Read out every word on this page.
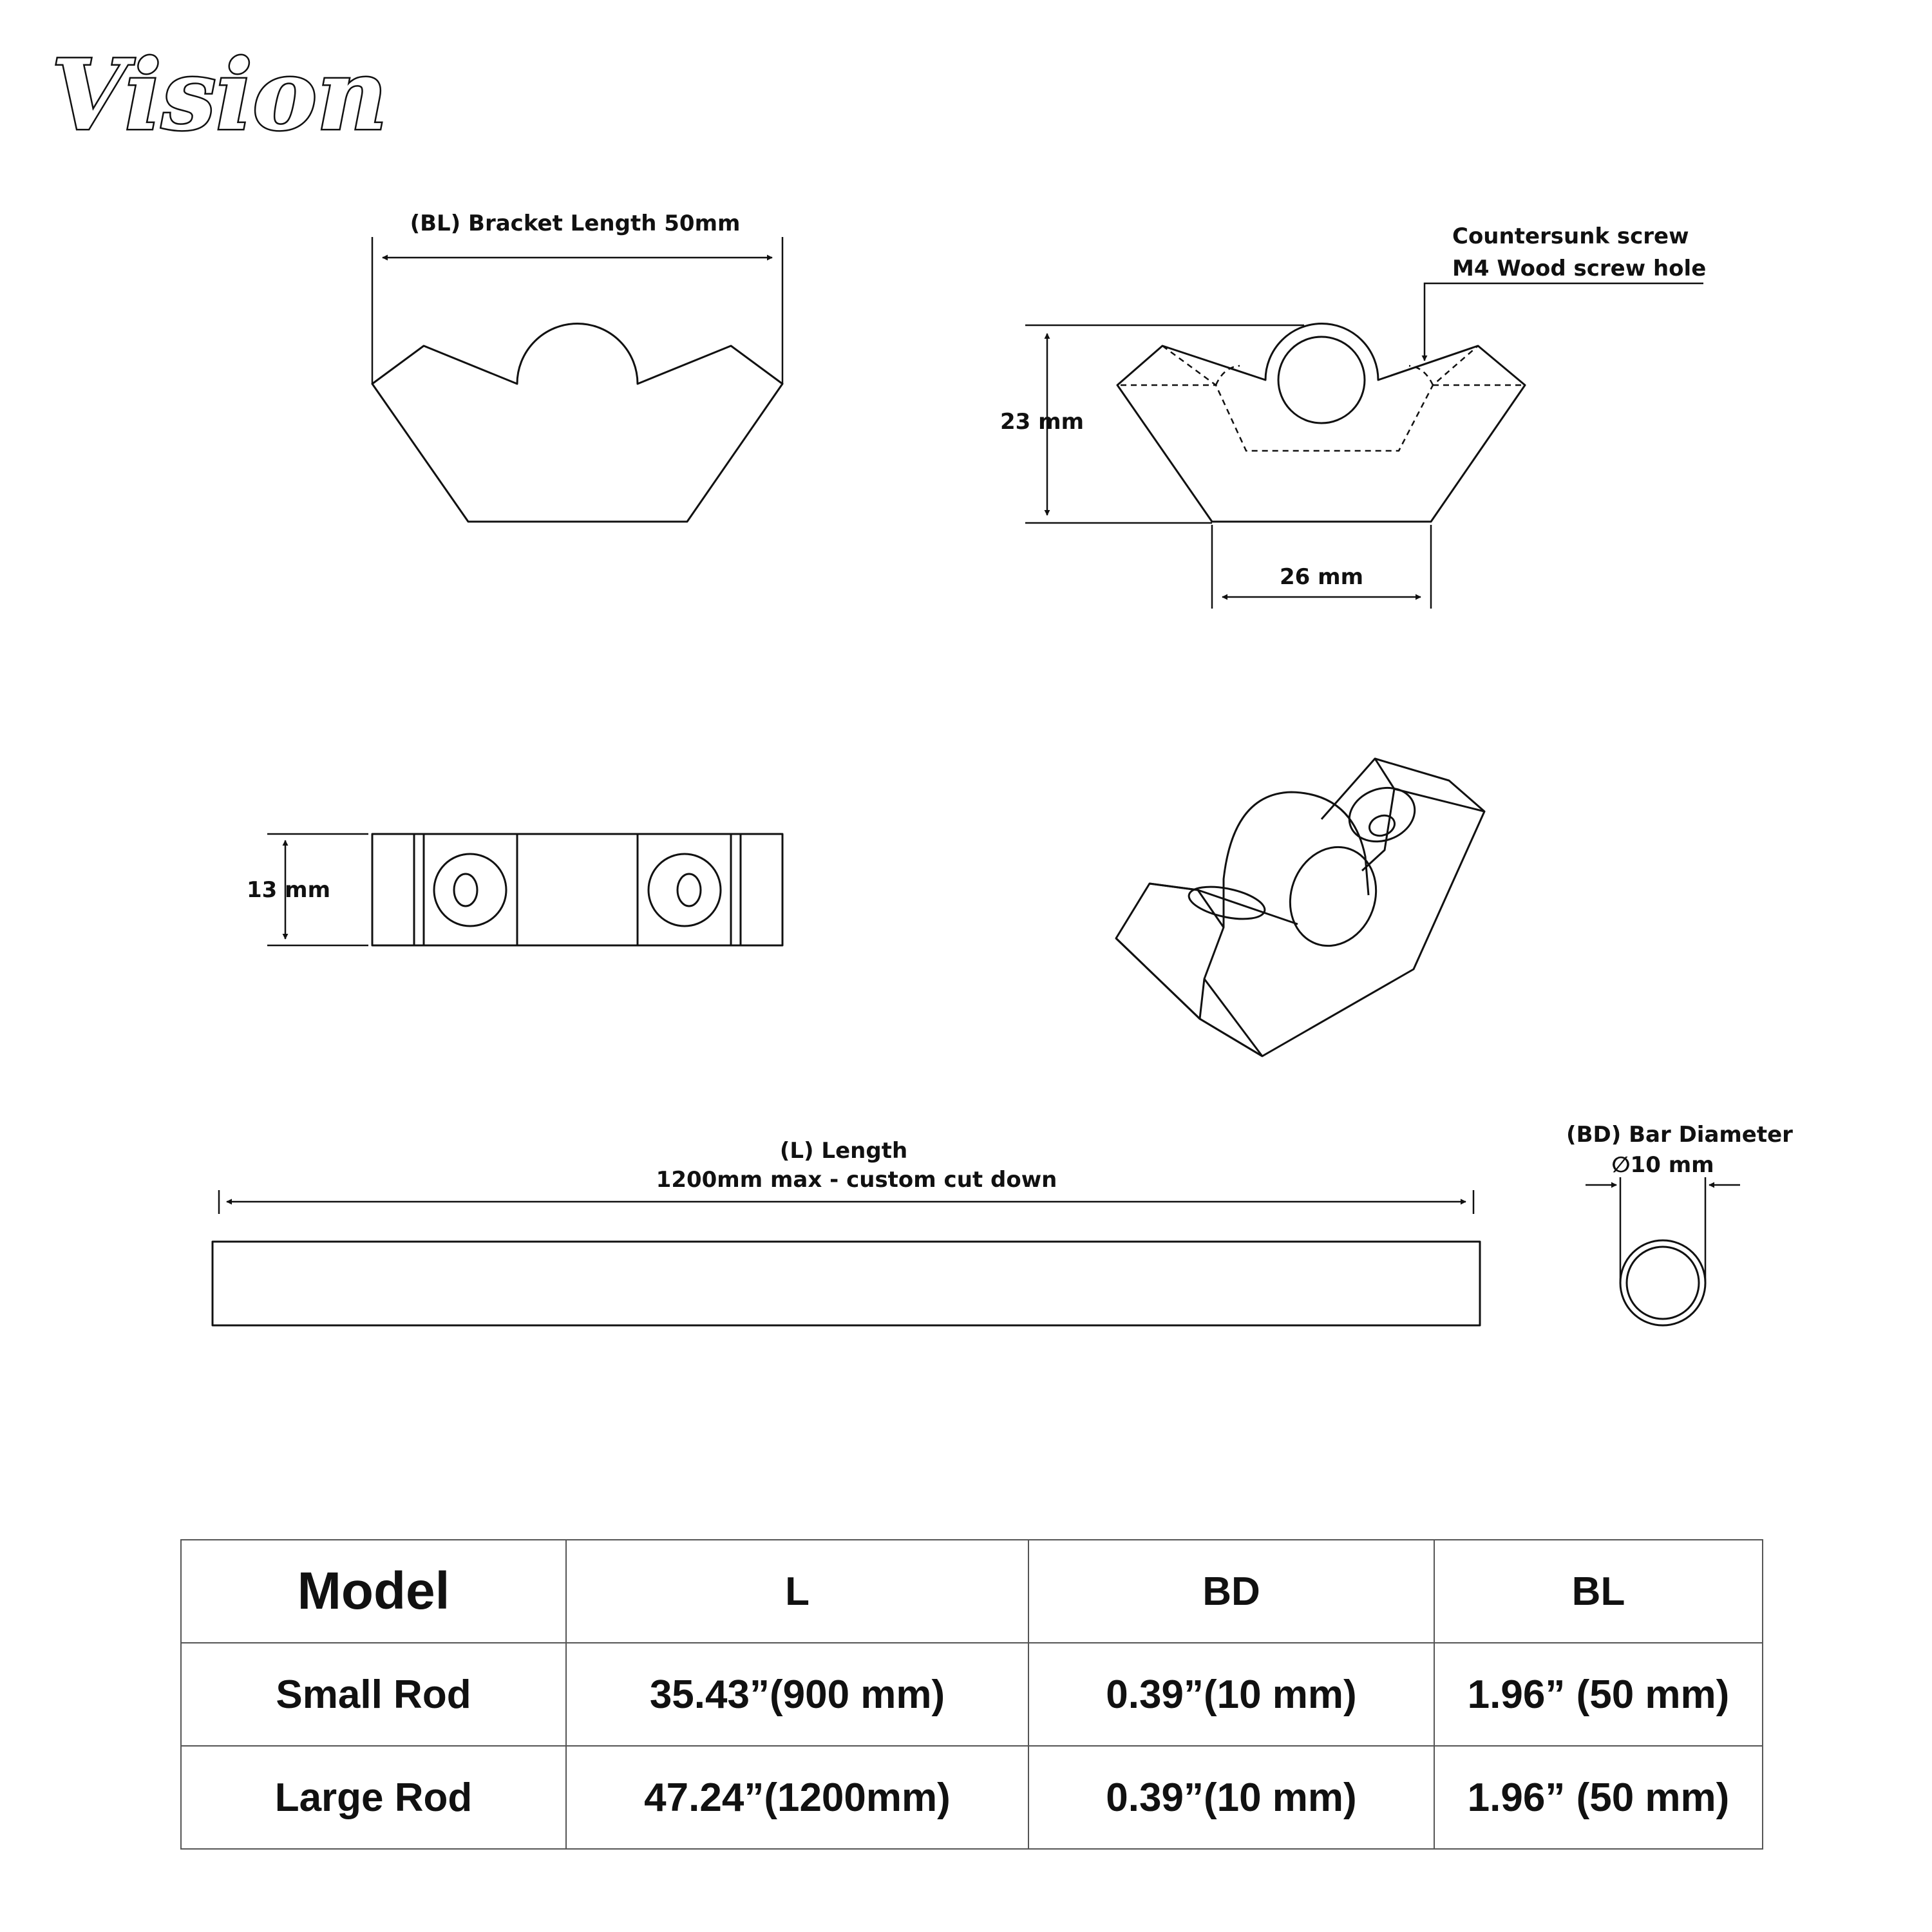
Vision
(BL) Bracket Length 50mm
23 mm
26 mm
Countersunk screw
M4 Wood screw hole
13 mm
(L) Length
1200mm max - custom cut down
(BD) Bar Diameter
∅10 mm
Model	L	BD	BL
Small Rod	35.43”(900 mm)	0.39”(10 mm)	1.96” (50 mm)
Large Rod	47.24”(1200mm)	0.39”(10 mm)	1.96” (50 mm)
